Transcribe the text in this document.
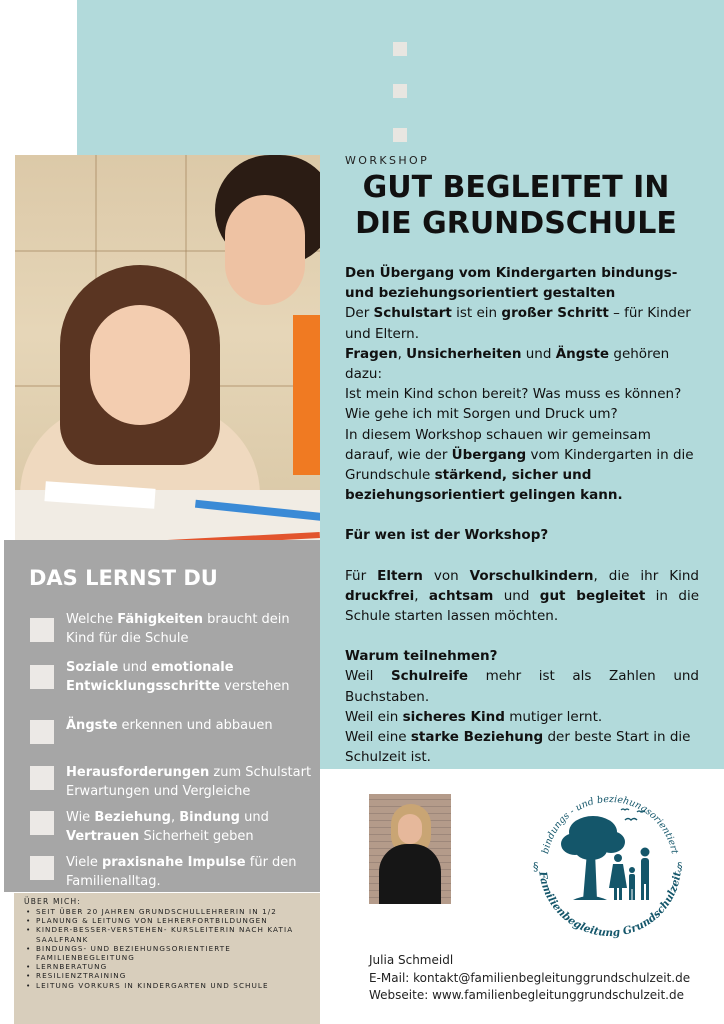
WORKSHOP
GUT BEGLEITET IN
DIE GRUNDSCHULE

Den Übergang vom Kindergarten bindungs-

und beziehungsorientiert gestalten

Der Schulstart ist ein großer Schritt – für Kinder
und Eltern.

Fragen, Unsicherheiten und Ängste gehören
dazu:

Ist mein Kind schon bereit? Was muss es können?
Wie gehe ich mit Sorgen und Druck um?

In diesem Workshop schauen wir gemeinsam
darauf, wie der Übergang vom Kindergarten in die
Grundschule stärkend, sicher und
beziehungsorientiert gelingen kann.

Für wen ist der Workshop?

Für Eltern von Vorschulkindern, die ihr Kind druckfrei, achtsam und gut begleitet in die Schule starten lassen möchten.

Warum teilnehmen?

Weil Schulreife mehr ist als Zahlen und Buchstaben.

Weil ein sicheres Kind mutiger lernt.

Weil eine starke Beziehung der beste Start in die
Schulzeit ist.

DAS LERNST DU
Welche Fähigkeiten braucht dein
Kind für die Schule
Soziale und emotionale
Entwicklungsschritte verstehen
Ängste erkennen und abbauen
Herausforderungen zum Schulstart
Erwartungen und Vergleiche
Wie Beziehung, Bindung und
Vertrauen Sicherheit geben
Viele praxisnahe Impulse für den
Familienalltag.
ÜBER MICH:
• SEIT ÜBER 20 JAHREN GRUNDSCHULLEHRERIN IN 1/2
• PLANUNG & LEITUNG VON LEHRERFORTBILDUNGEN
• KINDER-BESSER-VERSTEHEN- KURSLEITERIN NACH KATIA SAALFRANK
• BINDUNGS- UND BEZIEHUNGSORIENTIERTE FAMILIENBEGLEITUNG
• LERNBERATUNG
• RESILIENZTRAINING
• LEITUNG VORKURS IN KINDERGARTEN UND SCHULE
bindungs - und beziehungsorientiert
Familienbegleitung Grundschulzeit
§	§
Julia Schmeidl
E-Mail: kontakt@familienbegleitunggrundschulzeit.de
Webseite: www.familienbegleitunggrundschulzeit.de
